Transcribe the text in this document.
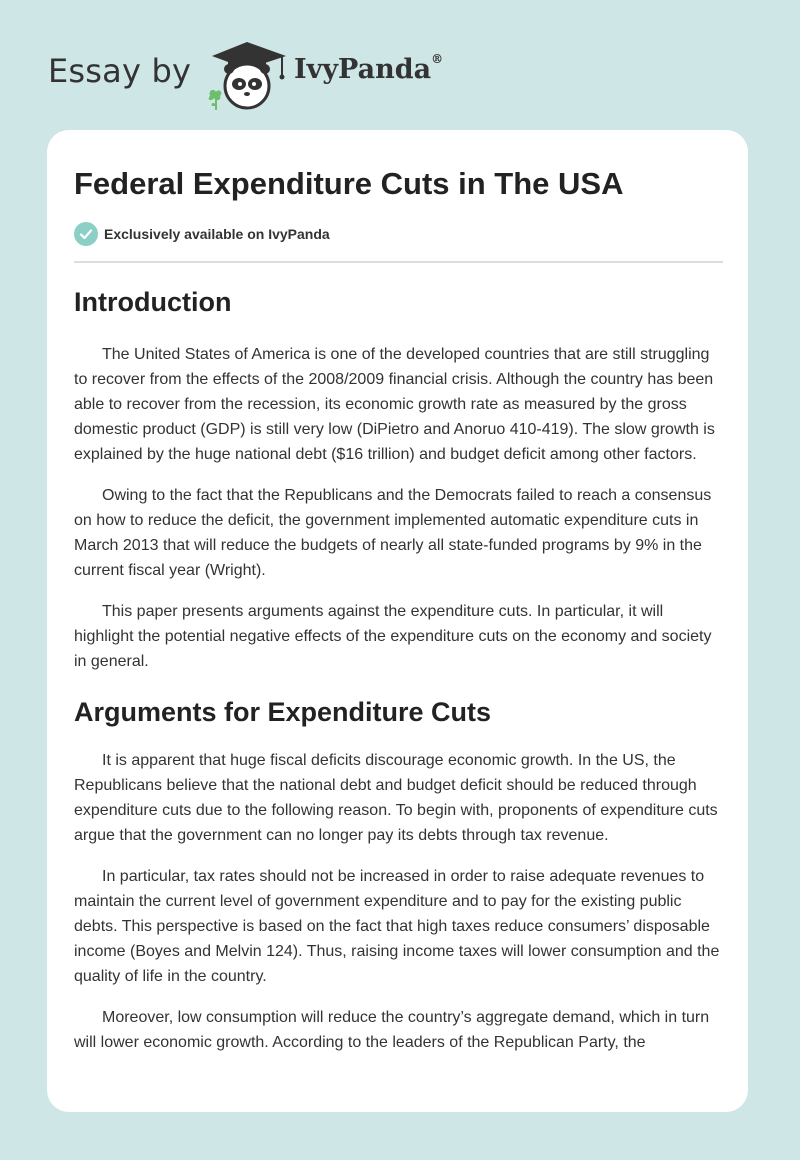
Essay by	IvyPanda®
Federal Expenditure Cuts in The USA
Exclusively available on IvyPanda
Introduction

The United States of America is one of the developed countries that are still struggling to recover from the effects of the 2008/2009 financial crisis. Although the country has been able to recover from the recession, its economic growth rate as measured by the gross domestic product (GDP) is still very low (DiPietro and Anoruo 410-419). The slow growth is explained by the huge national debt ($16 trillion) and budget deficit among other factors.

Owing to the fact that the Republicans and the Democrats failed to reach a consensus on how to reduce the deficit, the government implemented automatic expenditure cuts in March 2013 that will reduce the budgets of nearly all state-funded programs by 9% in the current fiscal year (Wright).

This paper presents arguments against the expenditure cuts. In particular, it will highlight the potential negative effects of the expenditure cuts on the economy and society in general.

Arguments for Expenditure Cuts

It is apparent that huge fiscal deficits discourage economic growth. In the US, the Republicans believe that the national debt and budget deficit should be reduced through expenditure cuts due to the following reason. To begin with, proponents of expenditure cuts argue that the government can no longer pay its debts through tax revenue.

In particular, tax rates should not be increased in order to raise adequate revenues to maintain the current level of government expenditure and to pay for the existing public debts. This perspective is based on the fact that high taxes reduce consumers’ disposable income (Boyes and Melvin 124). Thus, raising income taxes will lower consumption and the quality of life in the country.

Moreover, low consumption will reduce the country’s aggregate demand, which in turn will lower economic growth. According to the leaders of the Republican Party, the
